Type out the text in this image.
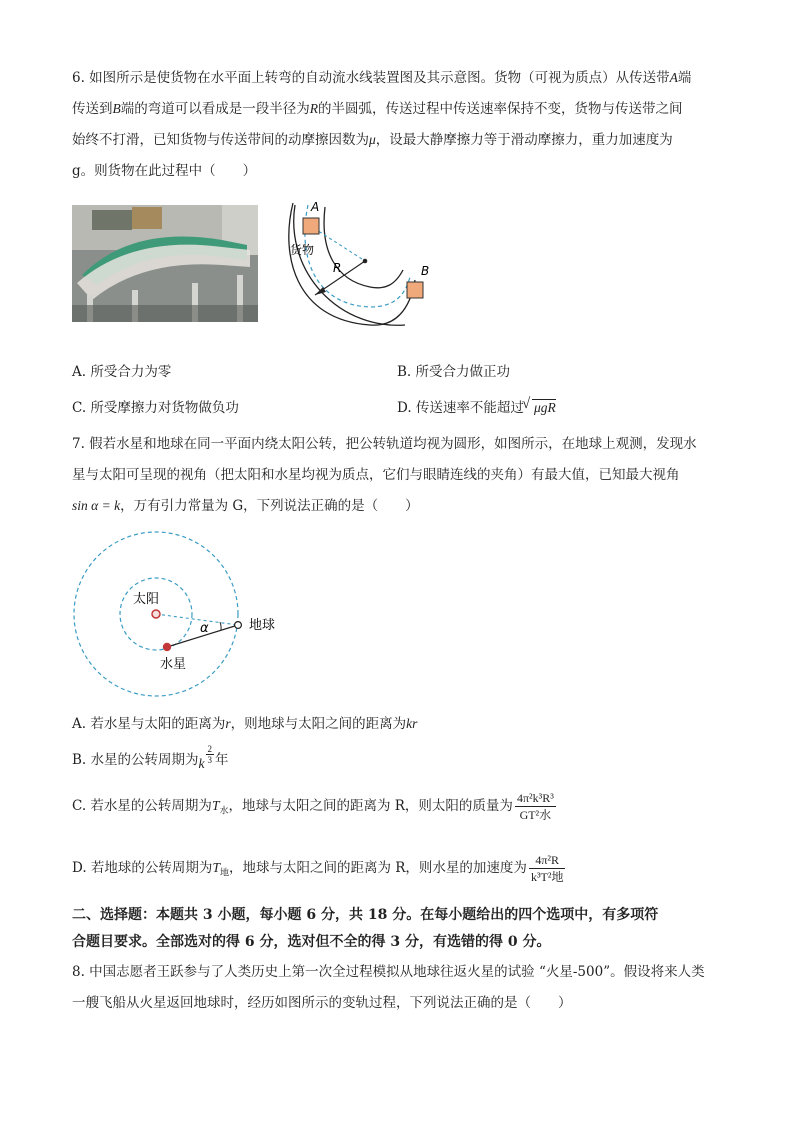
6. 如图所示是使货物在水平面上转弯的自动流水线装置图及其示意图。货物（可视为质点）从传送带A端
传送到B端的弯道可以看成是一段半径为R的半圆弧，传送过程中传送速率保持不变，货物与传送带之间
始终不打滑，已知货物与传送带间的动摩擦因数为μ，设最大静摩擦力等于滑动摩擦力，重力加速度为
g。则货物在此过程中（　　）
A
B
R
货物
A. 所受合力为零	B. 所受合力做正功
C. 所受摩擦力对货物做负功	D. 传送速率不能超过√ μgR
7. 假若水星和地球在同一平面内绕太阳公转，把公转轨道均视为圆形，如图所示，在地球上观测，发现水
星与太阳可呈现的视角（把太阳和水星均视为质点，它们与眼睛连线的夹角）有最大值，已知最大视角
sin α = k，万有引力常量为 G，下列说法正确的是（　　）
太阳
地球
水星
α
A. 若水星与太阳的距离为r，则地球与太阳之间的距离为kr
B. 水星的公转周期为k $\frac{2}{3}$ 年
C. 若水星的公转周期为$T_水$，地球与太阳之间的距离为 R，则太阳的质量为 $\frac{\text{4π²k³R³}}{\text{GT²水}}$
D. 若地球的公转周期为$T_地$，地球与太阳之间的距离为 R，则水星的加速度为 $\frac{\text{4π²R}}{\text{k³T²地}}$
二、选择题：本题共 3 小题，每小题 6 分，共 18 分。在每小题给出的四个选项中，有多项符
合题目要求。全部选对的得 6 分，选对但不全的得 3 分，有选错的得 0 分。
8. 中国志愿者王跃参与了人类历史上第一次全过程模拟从地球往返火星的试验 “火星-500”。假设将来人类
一艘飞船从火星返回地球时，经历如图所示的变轨过程，下列说法正确的是（　　）
